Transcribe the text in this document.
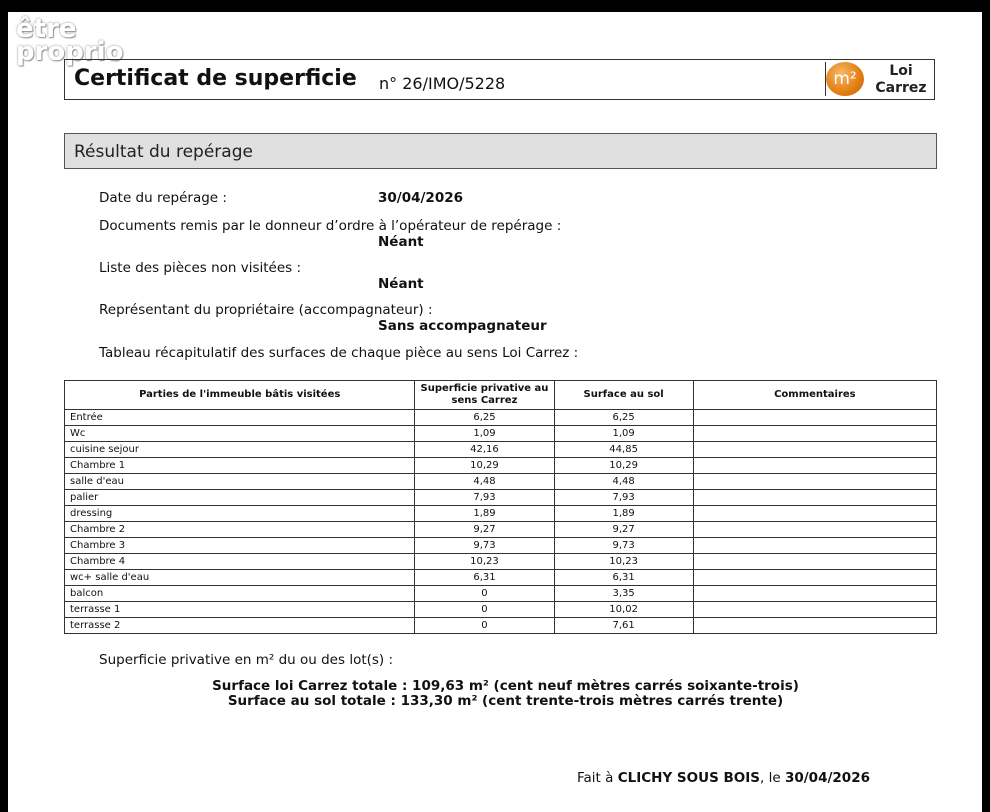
être
proprio
Certificat de superficie n° 26/IMO/5228	m²	Loi
Carrez
Résultat du repérage
Date du repérage :	30/04/2026
Documents remis par le donneur d’ordre à l’opérateur de repérage :
Néant
Liste des pièces non visitées :
Néant
Représentant du propriétaire (accompagnateur) :
Sans accompagnateur
Tableau récapitulatif des surfaces de chaque pièce au sens Loi Carrez :
Parties de l'immeuble bâtis visitées	Superficie privative au sens Carrez	Surface au sol	Commentaires
Entrée	6,25	6,25	
Wc	1,09	1,09	
cuisine sejour	42,16	44,85	
Chambre 1	10,29	10,29	
salle d'eau	4,48	4,48	
palier	7,93	7,93	
dressing	1,89	1,89	
Chambre 2	9,27	9,27	
Chambre 3	9,73	9,73	
Chambre 4	10,23	10,23	
wc+ salle d'eau	6,31	6,31	
balcon	0	3,35	
terrasse 1	0	10,02	
terrasse 2	0	7,61	
Superficie privative en m² du ou des lot(s) :
Surface loi Carrez totale : 109,63 m² (cent neuf mètres carrés soixante-trois)
Surface au sol totale : 133,30 m² (cent trente-trois mètres carrés trente)
Fait à CLICHY SOUS BOIS, le 30/04/2026
